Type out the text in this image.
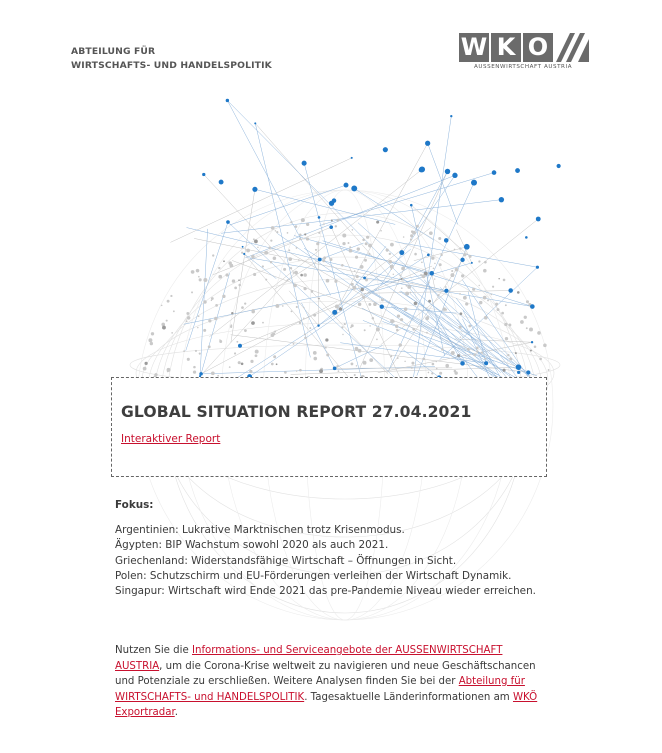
ABTEILUNG FÜR
WIRTSCHAFTS- UND HANDELSPOLITIK
W K O
AUSSENWIRTSCHAFT AUSTRIA
GLOBAL SITUATION REPORT 27.04.2021
Interaktiver Report
Fokus:
Argentinien: Lukrative Marktnischen trotz Krisenmodus.
Ägypten: BIP Wachstum sowohl 2020 als auch 2021.
Griechenland: Widerstandsfähige Wirtschaft – Öffnungen in Sicht.
Polen: Schutzschirm und EU-Förderungen verleihen der Wirtschaft Dynamik.
Singapur: Wirtschaft wird Ende 2021 das pre-Pandemie Niveau wieder erreichen.
Nutzen Sie die Informations- und Serviceangebote der AUSSENWIRTSCHAFT
AUSTRIA, um die Corona-Krise weltweit zu navigieren und neue Geschäftschancen
und Potenziale zu erschließen. Weitere Analysen finden Sie bei der Abteilung für
WIRTSCHAFTS- und HANDELSPOLITIK. Tagesaktuelle Länderinformationen am WKÖ
Exportradar.
